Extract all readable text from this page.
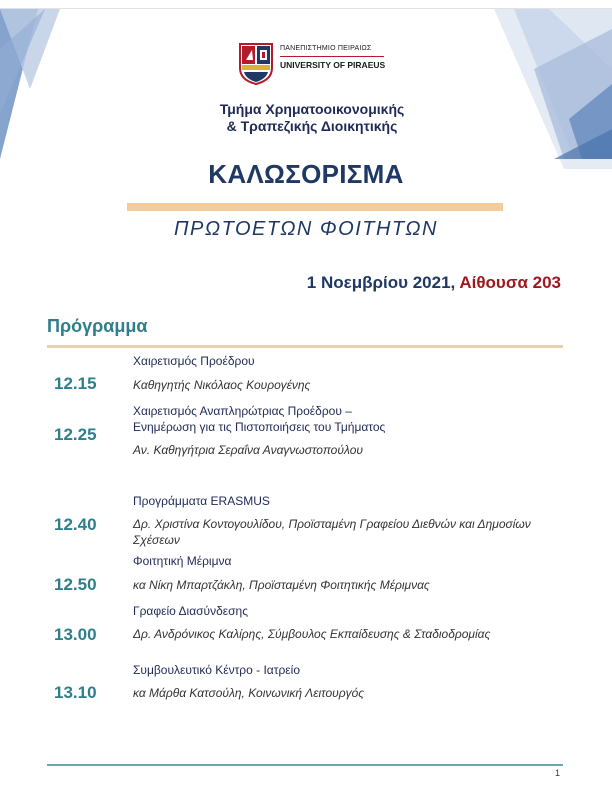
ΠΑΝΕΠΙΣΤΗΜΙΟ ΠΕΙΡΑΙΩΣ
UNIVERSITY OF PIRAEUS
Τμήμα Χρηματοοικονομικής
& Τραπεζικής Διοικητικής
ΚΑΛΩΣΟΡΙΣΜΑ
ΠΡΩΤΟΕΤΩΝ ΦΟΙΤΗΤΩΝ
1 Νοεμβρίου 2021, Αίθουσα 203
Πρόγραμμα
Χαιρετισμός Προέδρου
12.15	Καθηγητής Νικόλαος Κουρογένης
Χαιρετισμός Αναπληρώτριας Προέδρου –
Ενημέρωση για τις Πιστοποιήσεις του Τμήματος
12.25
Αν. Καθηγήτρια Σεραΐνα Αναγνωστοπούλου
Προγράμματα ERASMUS
12.40	Δρ. Χριστίνα Κοντογουλίδου, Προϊσταμένη Γραφείου Διεθνών και Δημοσίων
Σχέσεων
Φοιτητική Μέριμνα
12.50	κα Νίκη Μπαρτζάκλη, Προϊσταμένη Φοιτητικής Μέριμνας
Γραφείο Διασύνδεσης
13.00	Δρ. Ανδρόνικος Καλίρης, Σύμβουλος Εκπαίδευσης & Σταδιοδρομίας
Συμβουλευτικό Κέντρο - Ιατρείο
13.10	κα Μάρθα Κατσούλη, Κοινωνική Λειτουργός
1
